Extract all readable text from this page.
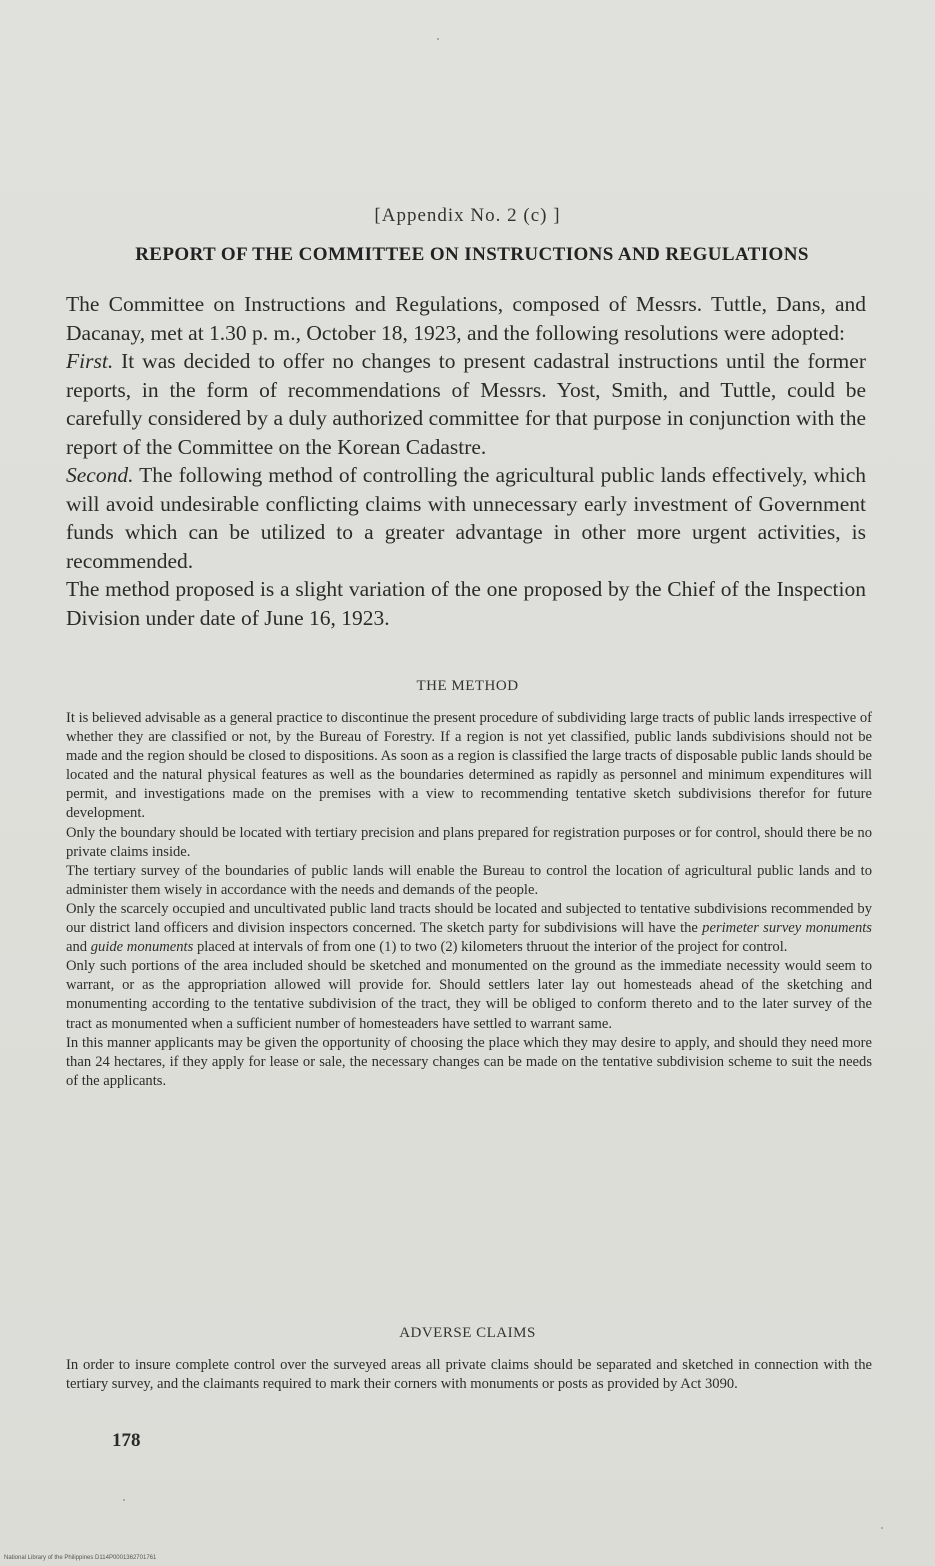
[Appendix No. 2 (c) ]
REPORT OF THE COMMITTEE ON INSTRUCTIONS AND REGULATIONS

The Committee on Instructions and Regulations, composed of Messrs. Tuttle, Dans, and Dacanay, met at 1.30 p. m., October 18, 1923, and the following resolutions were adopted:

First. It was decided to offer no changes to present cadastral instructions until the former reports, in the form of recommendations of Messrs. Yost, Smith, and Tuttle, could be carefully considered by a duly authorized committee for that purpose in conjunction with the report of the Committee on the Korean Cadastre.

Second. The following method of controlling the agricultural public lands effectively, which will avoid undesirable conflicting claims with unnecessary early investment of Government funds which can be utilized to a greater advantage in other more urgent activities, is recommended.

The method proposed is a slight variation of the one proposed by the Chief of the Inspection Division under date of June 16, 1923.

THE METHOD

It is believed advisable as a general practice to discontinue the present procedure of subdividing large tracts of public lands irrespective of whether they are classified or not, by the Bureau of Forestry. If a region is not yet classified, public lands subdivisions should not be made and the region should be closed to dispositions. As soon as a region is classified the large tracts of disposable public lands should be located and the natural physical features as well as the boundaries determined as rapidly as personnel and minimum expenditures will permit, and investigations made on the premises with a view to recommending tentative sketch subdivisions therefor for future development.

Only the boundary should be located with tertiary precision and plans prepared for registration purposes or for control, should there be no private claims inside.

The tertiary survey of the boundaries of public lands will enable the Bureau to control the location of agricultural public lands and to administer them wisely in accordance with the needs and demands of the people.

Only the scarcely occupied and uncultivated public land tracts should be located and subjected to tentative subdivisions recommended by our district land officers and division inspectors concerned. The sketch party for subdivisions will have the perimeter survey monuments and guide monuments placed at intervals of from one (1) to two (2) kilometers thruout the interior of the project for control.

Only such portions of the area included should be sketched and monumented on the ground as the immediate necessity would seem to warrant, or as the appropriation allowed will provide for. Should settlers later lay out homesteads ahead of the sketching and monumenting according to the tentative subdivision of the tract, they will be obliged to conform thereto and to the later survey of the tract as monumented when a sufficient number of homesteaders have settled to warrant same.

In this manner applicants may be given the opportunity of choosing the place which they may desire to apply, and should they need more than 24 hectares, if they apply for lease or sale, the necessary changes can be made on the tentative subdivision scheme to suit the needs of the applicants.

ADVERSE CLAIMS

In order to insure complete control over the surveyed areas all private claims should be separated and sketched in connection with the tertiary survey, and the claimants required to mark their corners with monuments or posts as provided by Act 3090.

178
National Library of the Philippines D114P0001362701761
